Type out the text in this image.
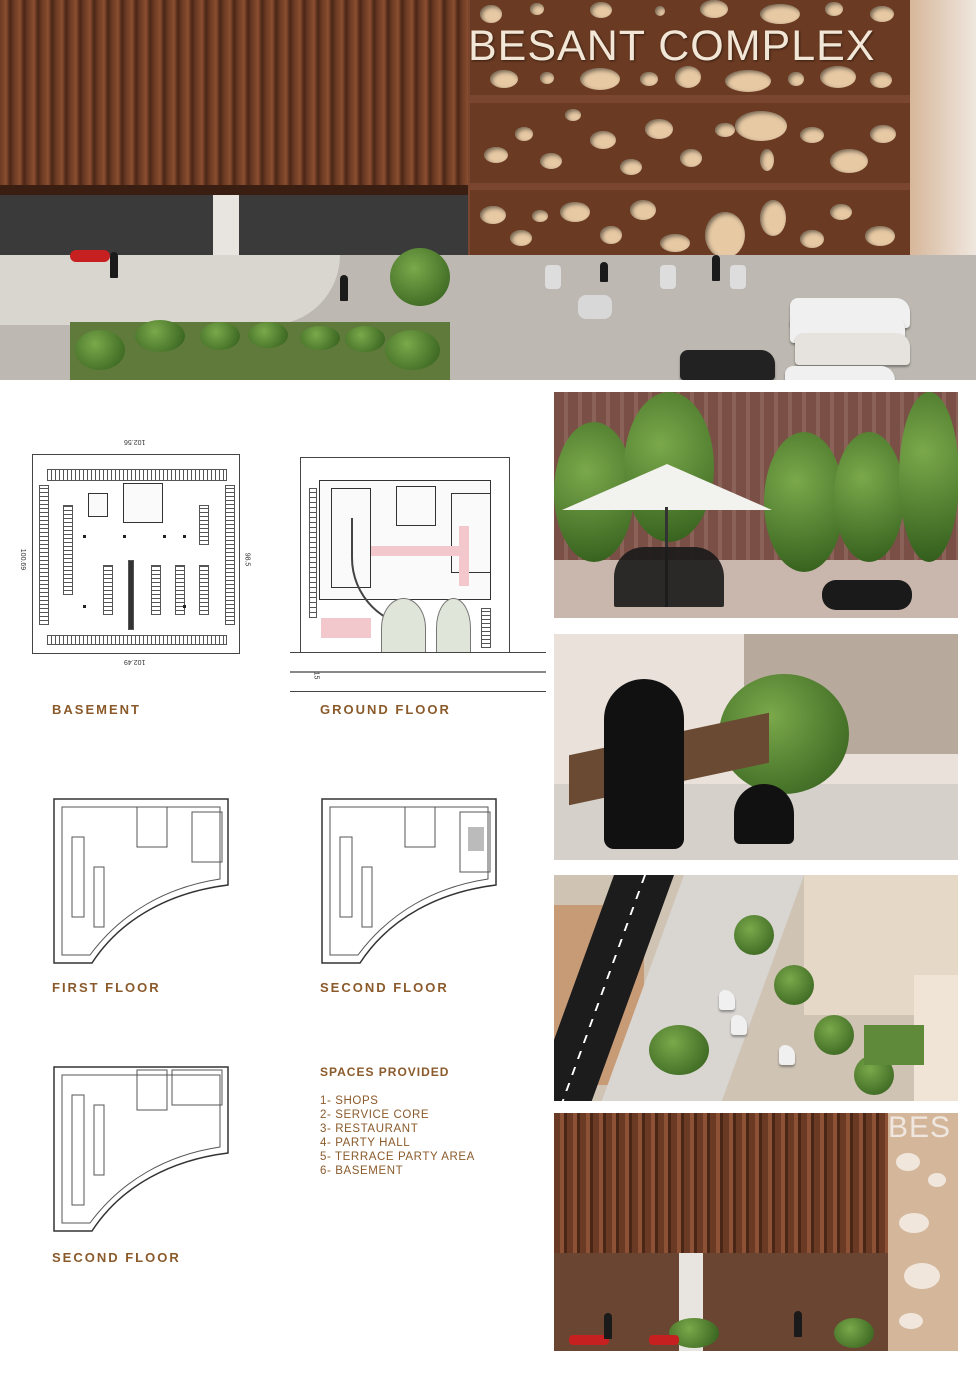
BESANT COMPLEX
102.56
102.49
100.69	98.5
BASEMENT
15
GROUND FLOOR
FIRST FLOOR	SECOND FLOOR
SECOND FLOOR
SPACES PROVIDED
1- SHOPS
2- SERVICE CORE
3- RESTAURANT
4- PARTY HALL
5- TERRACE PARTY AREA
6- BASEMENT
BES
